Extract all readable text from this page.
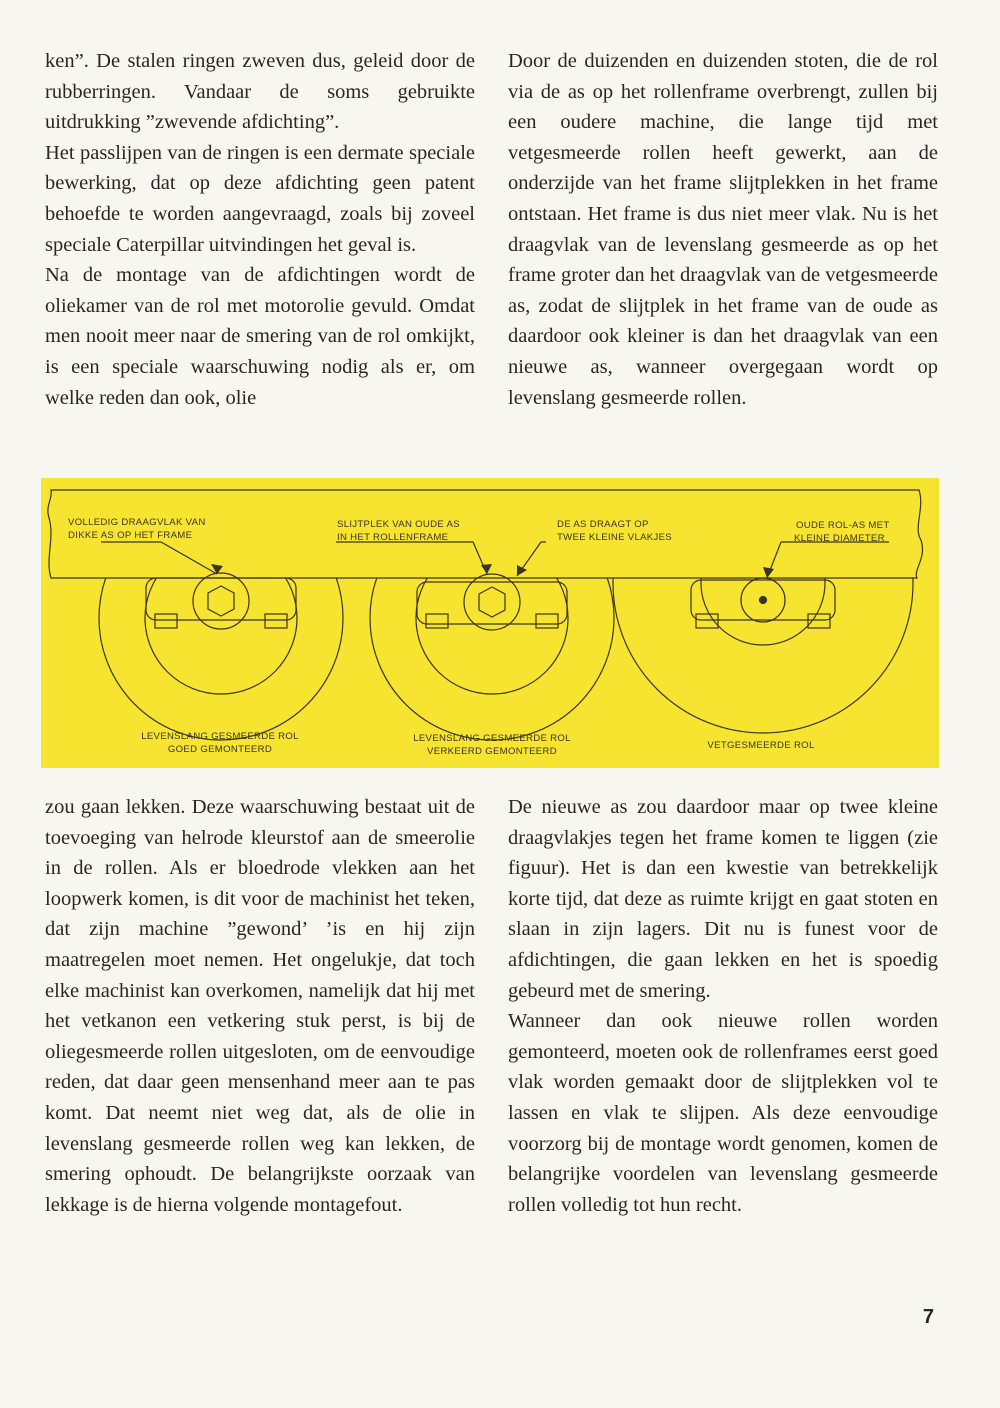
ken”. De stalen ringen zweven dus, geleid door de rubberringen. Vandaar de soms gebruikte uitdrukking ”zwevende afdichting”.

Het passlijpen van de ringen is een dermate speciale bewerking, dat op deze afdichting geen patent behoefde te worden aangevraagd, zoals bij zoveel speciale Caterpillar uitvindingen het geval is.

Na de montage van de afdichtingen wordt de oliekamer van de rol met motorolie gevuld. Omdat men nooit meer naar de smering van de rol omkijkt, is een speciale waarschuwing nodig als er, om welke reden dan ook, olie

Door de duizenden en duizenden stoten, die de rol via de as op het rollenframe overbrengt, zullen bij een oudere machine, die lange tijd met vetgesmeerde rollen heeft gewerkt, aan de onderzijde van het frame slijtplekken in het frame ontstaan. Het frame is dus niet meer vlak. Nu is het draagvlak van de levenslang gesmeerde as op het frame groter dan het draagvlak van de vetgesmeerde as, zodat de slijtplek in het frame van de oude as daardoor ook kleiner is dan het draagvlak van een nieuwe as, wanneer overgegaan wordt op levenslang gesmeerde rollen.

VOLLEDIG DRAAGVLAK VAN
DIKKE AS OP HET FRAME
SLIJTPLEK VAN OUDE AS
IN HET ROLLENFRAME
DE AS DRAAGT OP
TWEE KLEINE VLAKJES
OUDE ROL-AS MET
KLEINE DIAMETER
LEVENSLANG GESMEERDE ROL
GOED GEMONTEERD
LEVENSLANG GESMEERDE ROL
VERKEERD GEMONTEERD
VETGESMEERDE ROL

zou gaan lekken. Deze waarschuwing bestaat uit de toevoeging van helrode kleurstof aan de smeerolie in de rollen. Als er bloedrode vlekken aan het loopwerk komen, is dit voor de machinist het teken, dat zijn machine ”gewond’ ’is en hij zijn maatregelen moet nemen. Het ongelukje, dat toch elke machinist kan overkomen, namelijk dat hij met het vetkanon een vetkering stuk perst, is bij de oliegesmeerde rollen uitgesloten, om de eenvoudige reden, dat daar geen mensenhand meer aan te pas komt. Dat neemt niet weg dat, als de olie in levenslang gesmeerde rollen weg kan lekken, de smering ophoudt. De belangrijkste oorzaak van lekkage is de hierna volgende montagefout.

De nieuwe as zou daardoor maar op twee kleine draagvlakjes tegen het frame komen te liggen (zie figuur). Het is dan een kwestie van betrekkelijk korte tijd, dat deze as ruimte krijgt en gaat stoten en slaan in zijn lagers. Dit nu is funest voor de afdichtingen, die gaan lekken en het is spoedig gebeurd met de smering.

Wanneer dan ook nieuwe rollen worden gemonteerd, moeten ook de rollenframes eerst goed vlak worden gemaakt door de slijtplekken vol te lassen en vlak te slijpen. Als deze eenvoudige voorzorg bij de montage wordt genomen, komen de belangrijke voordelen van levenslang gesmeerde rollen volledig tot hun recht.

7
